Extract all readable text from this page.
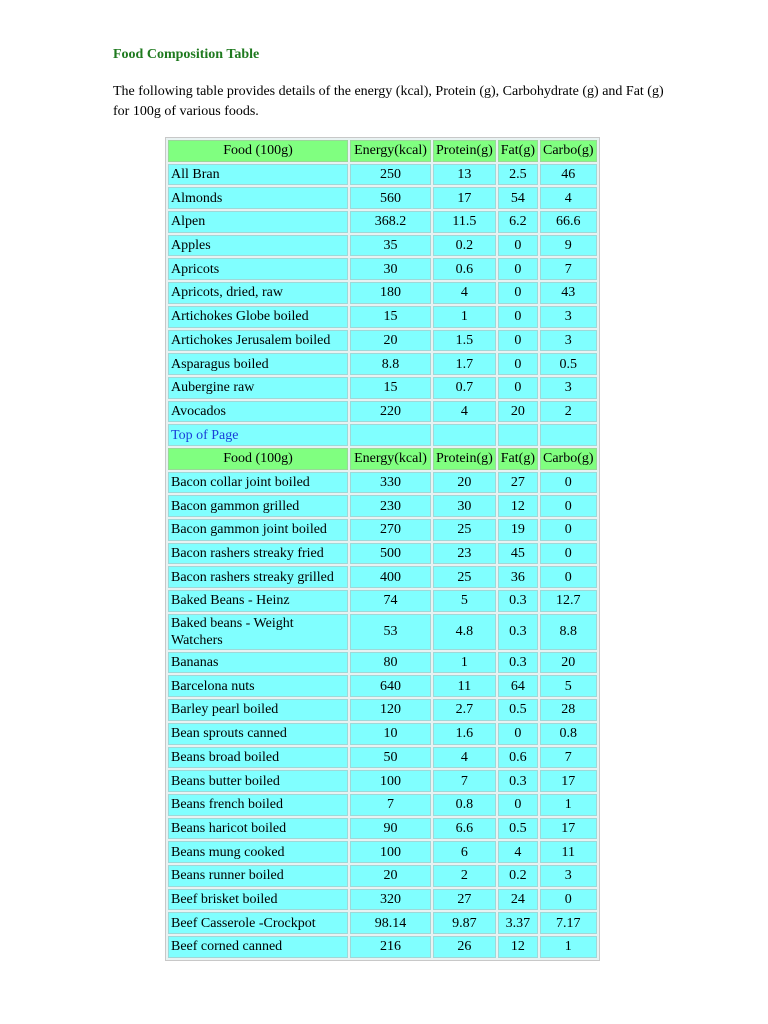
Food Composition Table
The following table provides details of the energy (kcal), Protein (g), Carbohydrate (g) and Fat (g) for 100g of various foods.
Food (100g)	Energy(kcal)	Protein(g)	Fat(g)	Carbo(g)
All Bran	250	13	2.5	46
Almonds	560	17	54	4
Alpen	368.2	11.5	6.2	66.6
Apples	35	0.2	0	9
Apricots	30	0.6	0	7
Apricots, dried, raw	180	4	0	43
Artichokes Globe boiled	15	1	0	3
Artichokes Jerusalem boiled	20	1.5	0	3
Asparagus boiled	8.8	1.7	0	0.5
Aubergine raw	15	0.7	0	3
Avocados	220	4	20	2
Top of Page				
Food (100g)	Energy(kcal)	Protein(g)	Fat(g)	Carbo(g)
Bacon collar joint boiled	330	20	27	0
Bacon gammon grilled	230	30	12	0
Bacon gammon joint boiled	270	25	19	0
Bacon rashers streaky fried	500	23	45	0
Bacon rashers streaky grilled	400	25	36	0
Baked Beans - Heinz	74	5	0.3	12.7
Baked beans - Weight Watchers	53	4.8	0.3	8.8
Bananas	80	1	0.3	20
Barcelona nuts	640	11	64	5
Barley pearl boiled	120	2.7	0.5	28
Bean sprouts canned	10	1.6	0	0.8
Beans broad boiled	50	4	0.6	7
Beans butter boiled	100	7	0.3	17
Beans french boiled	7	0.8	0	1
Beans haricot boiled	90	6.6	0.5	17
Beans mung cooked	100	6	4	11
Beans runner boiled	20	2	0.2	3
Beef brisket boiled	320	27	24	0
Beef Casserole -Crockpot	98.14	9.87	3.37	7.17
Beef corned canned	216	26	12	1
